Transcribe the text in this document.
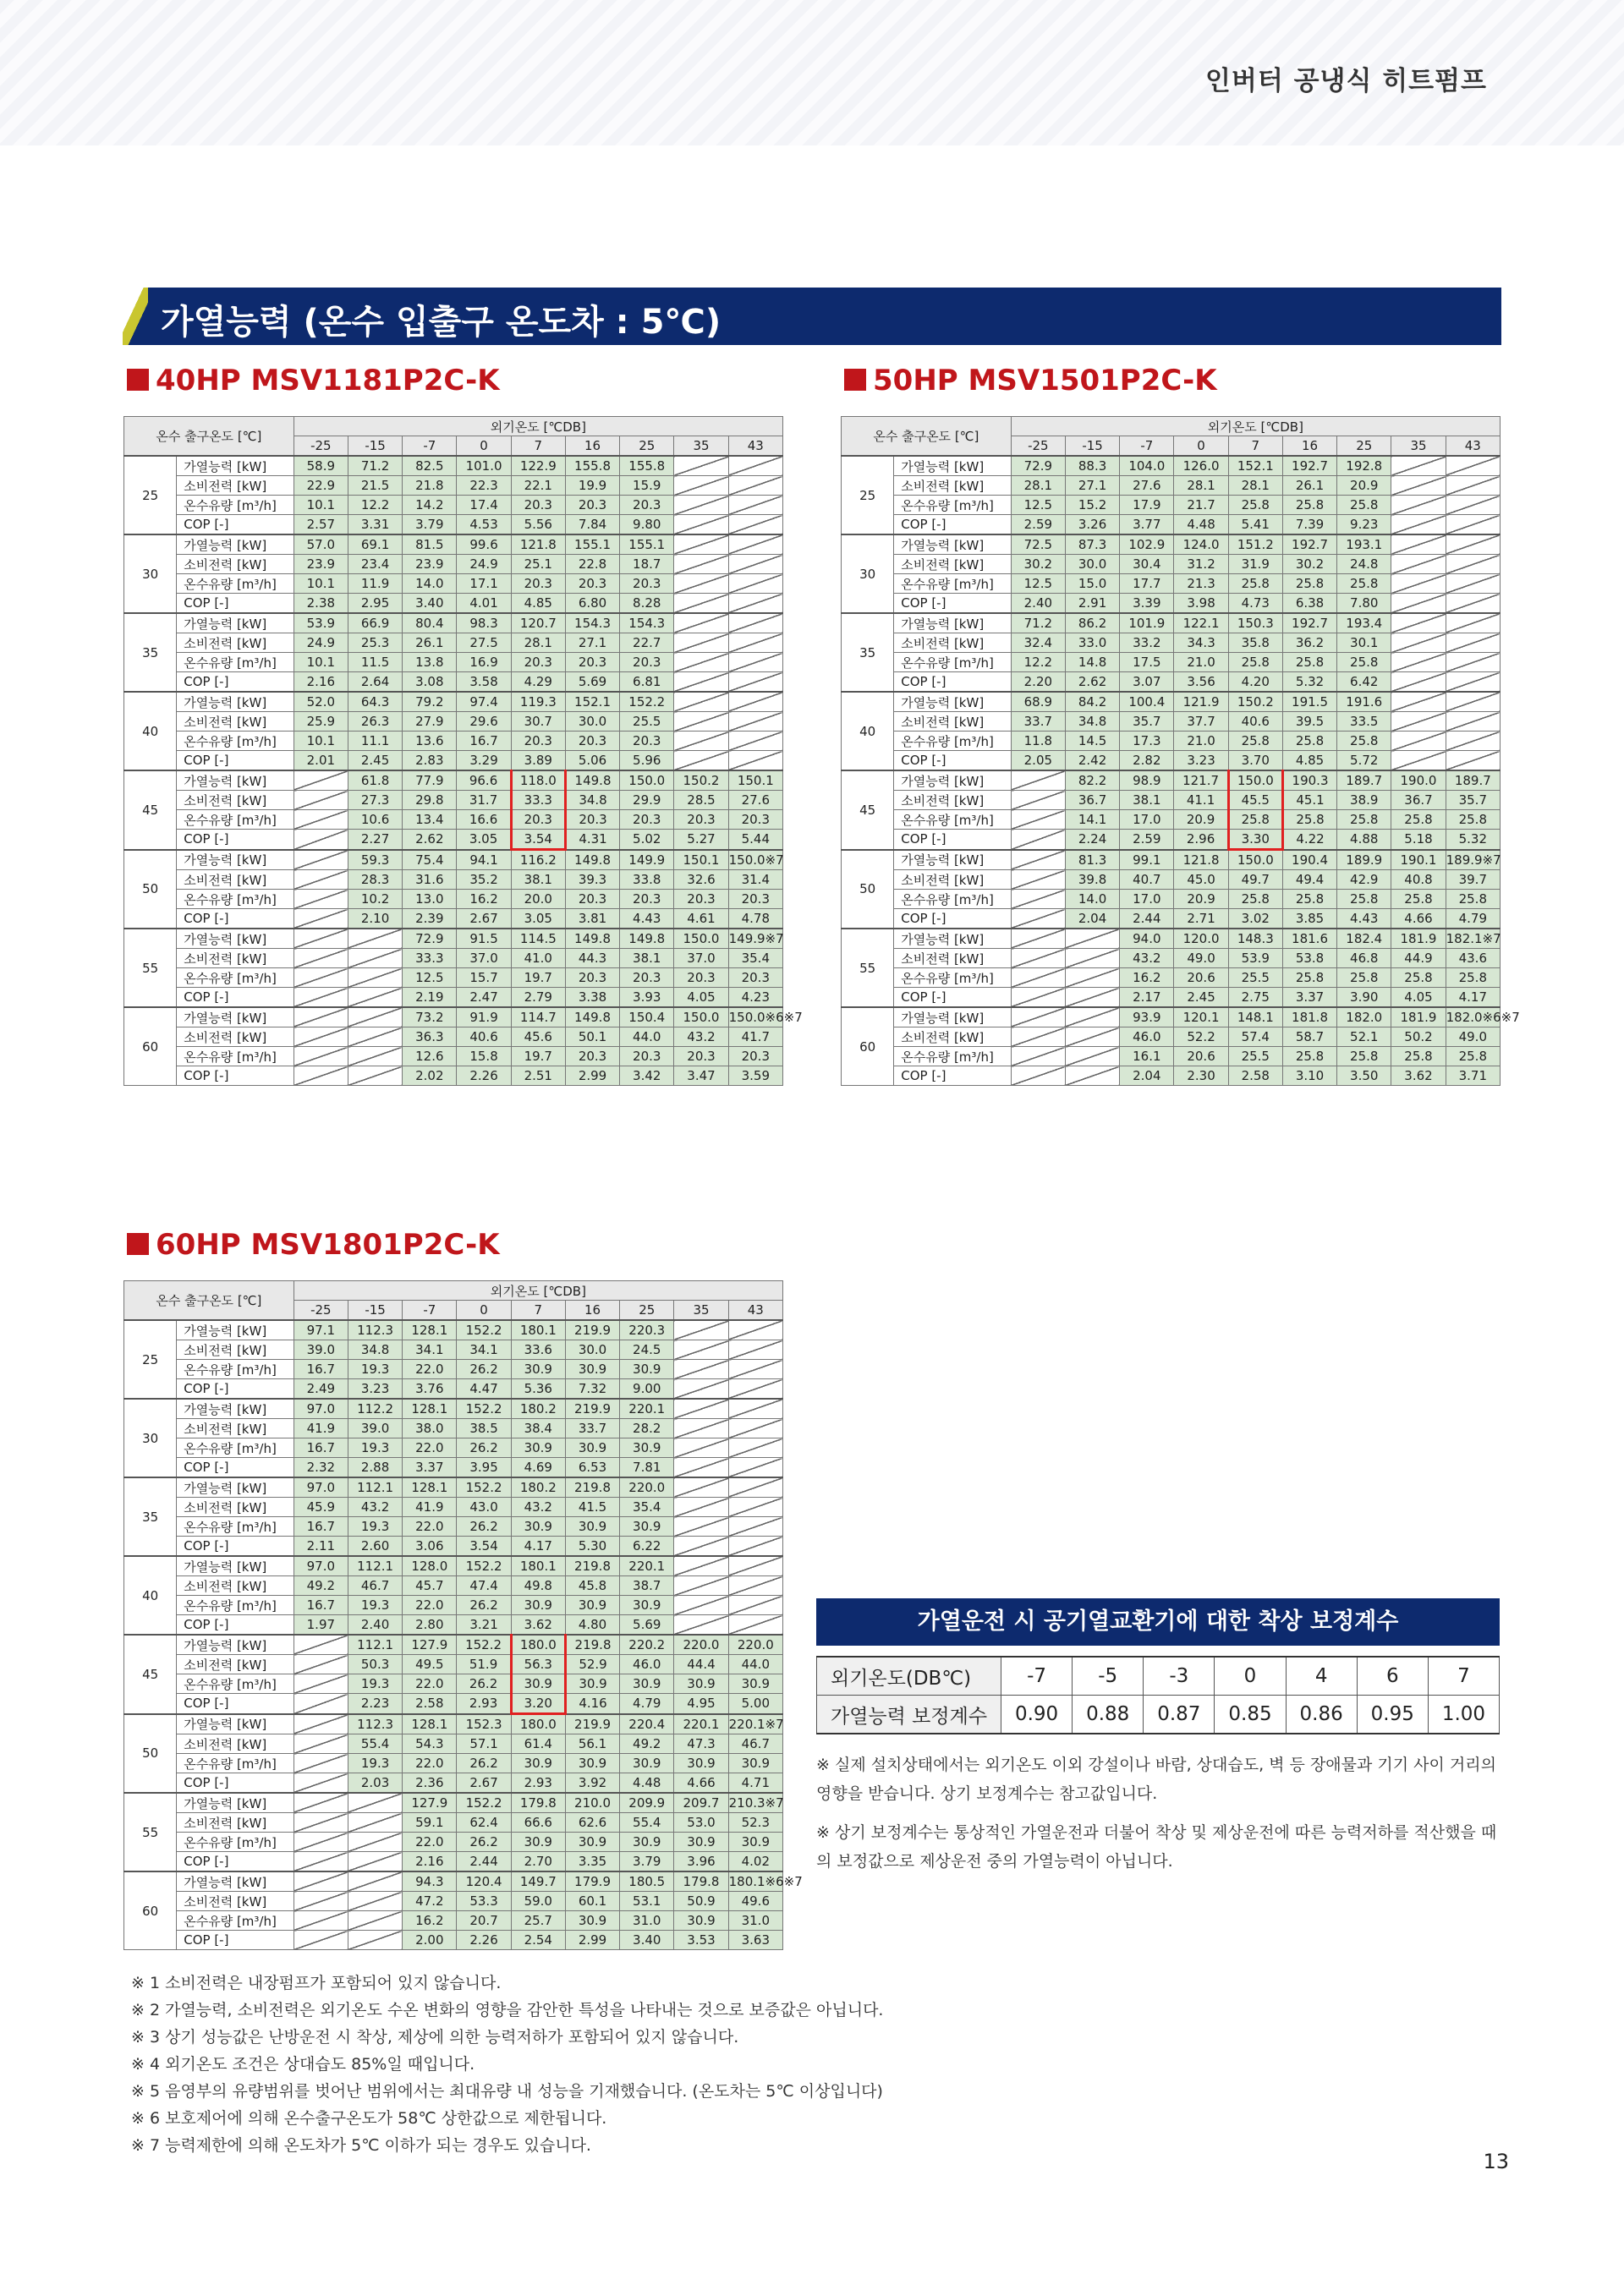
인버터 공냉식 히트펌프
가열능력 (온수 입출구 온도차 : 5℃)
40HP MSV1181P2C-K	50HP MSV1501P2C-K
60HP MSV1801P2C-K
온수 출구온도 [℃]		외기온도 [℃DB]								
		-25	-15	-7	0	7	16	25	35	43
25	가열능력 [kW]	58.9	71.2	82.5	101.0	122.9	155.8	155.8		
	소비전력 [kW]	22.9	21.5	21.8	22.3	22.1	19.9	15.9		
	온수유량 [m³/h]	10.1	12.2	14.2	17.4	20.3	20.3	20.3		
	COP [-]	2.57	3.31	3.79	4.53	5.56	7.84	9.80		
30	가열능력 [kW]	57.0	69.1	81.5	99.6	121.8	155.1	155.1		
	소비전력 [kW]	23.9	23.4	23.9	24.9	25.1	22.8	18.7		
	온수유량 [m³/h]	10.1	11.9	14.0	17.1	20.3	20.3	20.3		
	COP [-]	2.38	2.95	3.40	4.01	4.85	6.80	8.28		
35	가열능력 [kW]	53.9	66.9	80.4	98.3	120.7	154.3	154.3		
	소비전력 [kW]	24.9	25.3	26.1	27.5	28.1	27.1	22.7		
	온수유량 [m³/h]	10.1	11.5	13.8	16.9	20.3	20.3	20.3		
	COP [-]	2.16	2.64	3.08	3.58	4.29	5.69	6.81		
40	가열능력 [kW]	52.0	64.3	79.2	97.4	119.3	152.1	152.2		
	소비전력 [kW]	25.9	26.3	27.9	29.6	30.7	30.0	25.5		
	온수유량 [m³/h]	10.1	11.1	13.6	16.7	20.3	20.3	20.3		
	COP [-]	2.01	2.45	2.83	3.29	3.89	5.06	5.96		
45	가열능력 [kW]		61.8	77.9	96.6	118.0	149.8	150.0	150.2	150.1
	소비전력 [kW]		27.3	29.8	31.7	33.3	34.8	29.9	28.5	27.6
	온수유량 [m³/h]		10.6	13.4	16.6	20.3	20.3	20.3	20.3	20.3
	COP [-]		2.27	2.62	3.05	3.54	4.31	5.02	5.27	5.44
50	가열능력 [kW]		59.3	75.4	94.1	116.2	149.8	149.9	150.1	150.0※7
	소비전력 [kW]		28.3	31.6	35.2	38.1	39.3	33.8	32.6	31.4
	온수유량 [m³/h]		10.2	13.0	16.2	20.0	20.3	20.3	20.3	20.3
	COP [-]		2.10	2.39	2.67	3.05	3.81	4.43	4.61	4.78
55	가열능력 [kW]			72.9	91.5	114.5	149.8	149.8	150.0	149.9※7
	소비전력 [kW]			33.3	37.0	41.0	44.3	38.1	37.0	35.4
	온수유량 [m³/h]			12.5	15.7	19.7	20.3	20.3	20.3	20.3
	COP [-]			2.19	2.47	2.79	3.38	3.93	4.05	4.23
60	가열능력 [kW]			73.2	91.9	114.7	149.8	150.4	150.0	150.0※6※7
	소비전력 [kW]			36.3	40.6	45.6	50.1	44.0	43.2	41.7
	온수유량 [m³/h]			12.6	15.8	19.7	20.3	20.3	20.3	20.3
	COP [-]			2.02	2.26	2.51	2.99	3.42	3.47	3.59
온수 출구온도 [℃]		외기온도 [℃DB]								
		-25	-15	-7	0	7	16	25	35	43
25	가열능력 [kW]	72.9	88.3	104.0	126.0	152.1	192.7	192.8		
	소비전력 [kW]	28.1	27.1	27.6	28.1	28.1	26.1	20.9		
	온수유량 [m³/h]	12.5	15.2	17.9	21.7	25.8	25.8	25.8		
	COP [-]	2.59	3.26	3.77	4.48	5.41	7.39	9.23		
30	가열능력 [kW]	72.5	87.3	102.9	124.0	151.2	192.7	193.1		
	소비전력 [kW]	30.2	30.0	30.4	31.2	31.9	30.2	24.8		
	온수유량 [m³/h]	12.5	15.0	17.7	21.3	25.8	25.8	25.8		
	COP [-]	2.40	2.91	3.39	3.98	4.73	6.38	7.80		
35	가열능력 [kW]	71.2	86.2	101.9	122.1	150.3	192.7	193.4		
	소비전력 [kW]	32.4	33.0	33.2	34.3	35.8	36.2	30.1		
	온수유량 [m³/h]	12.2	14.8	17.5	21.0	25.8	25.8	25.8		
	COP [-]	2.20	2.62	3.07	3.56	4.20	5.32	6.42		
40	가열능력 [kW]	68.9	84.2	100.4	121.9	150.2	191.5	191.6		
	소비전력 [kW]	33.7	34.8	35.7	37.7	40.6	39.5	33.5		
	온수유량 [m³/h]	11.8	14.5	17.3	21.0	25.8	25.8	25.8		
	COP [-]	2.05	2.42	2.82	3.23	3.70	4.85	5.72		
45	가열능력 [kW]		82.2	98.9	121.7	150.0	190.3	189.7	190.0	189.7
	소비전력 [kW]		36.7	38.1	41.1	45.5	45.1	38.9	36.7	35.7
	온수유량 [m³/h]		14.1	17.0	20.9	25.8	25.8	25.8	25.8	25.8
	COP [-]		2.24	2.59	2.96	3.30	4.22	4.88	5.18	5.32
50	가열능력 [kW]		81.3	99.1	121.8	150.0	190.4	189.9	190.1	189.9※7
	소비전력 [kW]		39.8	40.7	45.0	49.7	49.4	42.9	40.8	39.7
	온수유량 [m³/h]		14.0	17.0	20.9	25.8	25.8	25.8	25.8	25.8
	COP [-]		2.04	2.44	2.71	3.02	3.85	4.43	4.66	4.79
55	가열능력 [kW]			94.0	120.0	148.3	181.6	182.4	181.9	182.1※7
	소비전력 [kW]			43.2	49.0	53.9	53.8	46.8	44.9	43.6
	온수유량 [m³/h]			16.2	20.6	25.5	25.8	25.8	25.8	25.8
	COP [-]			2.17	2.45	2.75	3.37	3.90	4.05	4.17
60	가열능력 [kW]			93.9	120.1	148.1	181.8	182.0	181.9	182.0※6※7
	소비전력 [kW]			46.0	52.2	57.4	58.7	52.1	50.2	49.0
	온수유량 [m³/h]			16.1	20.6	25.5	25.8	25.8	25.8	25.8
	COP [-]			2.04	2.30	2.58	3.10	3.50	3.62	3.71
온수 출구온도 [℃]		외기온도 [℃DB]								
		-25	-15	-7	0	7	16	25	35	43
25	가열능력 [kW]	97.1	112.3	128.1	152.2	180.1	219.9	220.3		
	소비전력 [kW]	39.0	34.8	34.1	34.1	33.6	30.0	24.5		
	온수유량 [m³/h]	16.7	19.3	22.0	26.2	30.9	30.9	30.9		
	COP [-]	2.49	3.23	3.76	4.47	5.36	7.32	9.00		
30	가열능력 [kW]	97.0	112.2	128.1	152.2	180.2	219.9	220.1		
	소비전력 [kW]	41.9	39.0	38.0	38.5	38.4	33.7	28.2		
	온수유량 [m³/h]	16.7	19.3	22.0	26.2	30.9	30.9	30.9		
	COP [-]	2.32	2.88	3.37	3.95	4.69	6.53	7.81		
35	가열능력 [kW]	97.0	112.1	128.1	152.2	180.2	219.8	220.0		
	소비전력 [kW]	45.9	43.2	41.9	43.0	43.2	41.5	35.4		
	온수유량 [m³/h]	16.7	19.3	22.0	26.2	30.9	30.9	30.9		
	COP [-]	2.11	2.60	3.06	3.54	4.17	5.30	6.22		
40	가열능력 [kW]	97.0	112.1	128.0	152.2	180.1	219.8	220.1		
	소비전력 [kW]	49.2	46.7	45.7	47.4	49.8	45.8	38.7		
	온수유량 [m³/h]	16.7	19.3	22.0	26.2	30.9	30.9	30.9		
	COP [-]	1.97	2.40	2.80	3.21	3.62	4.80	5.69		
45	가열능력 [kW]		112.1	127.9	152.2	180.0	219.8	220.2	220.0	220.0
	소비전력 [kW]		50.3	49.5	51.9	56.3	52.9	46.0	44.4	44.0
	온수유량 [m³/h]		19.3	22.0	26.2	30.9	30.9	30.9	30.9	30.9
	COP [-]		2.23	2.58	2.93	3.20	4.16	4.79	4.95	5.00
50	가열능력 [kW]		112.3	128.1	152.3	180.0	219.9	220.4	220.1	220.1※7
	소비전력 [kW]		55.4	54.3	57.1	61.4	56.1	49.2	47.3	46.7
	온수유량 [m³/h]		19.3	22.0	26.2	30.9	30.9	30.9	30.9	30.9
	COP [-]		2.03	2.36	2.67	2.93	3.92	4.48	4.66	4.71
55	가열능력 [kW]			127.9	152.2	179.8	210.0	209.9	209.7	210.3※7
	소비전력 [kW]			59.1	62.4	66.6	62.6	55.4	53.0	52.3
	온수유량 [m³/h]			22.0	26.2	30.9	30.9	30.9	30.9	30.9
	COP [-]			2.16	2.44	2.70	3.35	3.79	3.96	4.02
60	가열능력 [kW]			94.3	120.4	149.7	179.9	180.5	179.8	180.1※6※7
	소비전력 [kW]			47.2	53.3	59.0	60.1	53.1	50.9	49.6
	온수유량 [m³/h]			16.2	20.7	25.7	30.9	31.0	30.9	31.0
	COP [-]			2.00	2.26	2.54	2.99	3.40	3.53	3.63
가열운전 시 공기열교환기에 대한 착상 보정계수
외기온도(DB℃)	-7	-5	-3	0	4	6	7
가열능력 보정계수	0.90	0.88	0.87	0.85	0.86	0.95	1.00
※ 실제 설치상태에서는 외기온도 이외 강설이나 바람, 상대습도, 벽 등 장애물과 기기 사이 거리의 영향을 받습니다. 상기 보정계수는 참고값입니다.
※ 상기 보정계수는 통상적인 가열운전과 더불어 착상 및 제상운전에 따른 능력저하를 적산했을 때의 보정값으로 제상운전 중의 가열능력이 아닙니다.
※ 1 소비전력은 내장펌프가 포함되어 있지 않습니다.
※ 2 가열능력, 소비전력은 외기온도 수온 변화의 영향을 감안한 특성을 나타내는 것으로 보증값은 아닙니다.
※ 3 상기 성능값은 난방운전 시 착상, 제상에 의한 능력저하가 포함되어 있지 않습니다.
※ 4 외기온도 조건은 상대습도 85%일 때입니다.
※ 5 음영부의 유량범위를 벗어난 범위에서는 최대유량 내 성능을 기재했습니다. (온도차는 5℃ 이상입니다)
※ 6 보호제어에 의해 온수출구온도가 58℃ 상한값으로 제한됩니다.
※ 7 능력제한에 의해 온도차가 5℃ 이하가 되는 경우도 있습니다.
13
